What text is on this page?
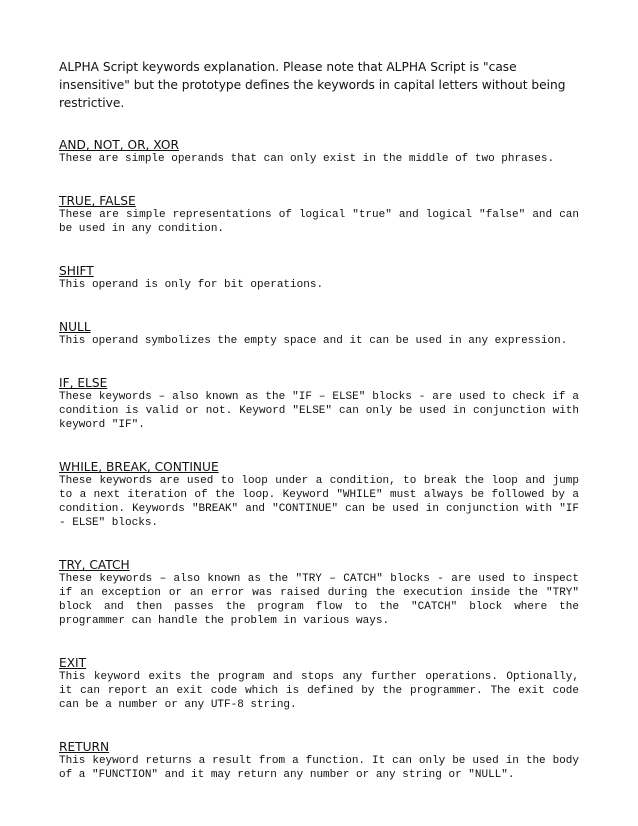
ALPHA Script keywords explanation. Please note that ALPHA Script is "case insensitive" but the prototype defines the keywords in capital letters without being restrictive.

AND, NOT, OR, XOR
These are simple operands that can only exist in the middle of two phrases.
TRUE, FALSE
These are simple representations of logical "true" and logical "false" and can be used in any condition.
SHIFT
This operand is only for bit operations.
NULL
This operand symbolizes the empty space and it can be used in any expression.
IF, ELSE
These keywords – also known as the "IF – ELSE" blocks - are used to check if a condition is valid or not. Keyword "ELSE" can only be used in conjunction with keyword "IF".
WHILE, BREAK, CONTINUE
These keywords are used to loop under a condition, to break the loop and jump to a next iteration of the loop. Keyword "WHILE" must always be followed by a condition. Keywords "BREAK" and "CONTINUE" can be used in conjunction with "IF - ELSE" blocks.
TRY, CATCH
These keywords – also known as the "TRY – CATCH" blocks - are used to inspect if an exception or an error was raised during the execution inside the "TRY" block and then passes the program flow to the "CATCH" block where the programmer can handle the problem in various ways.
EXIT
This keyword exits the program and stops any further operations. Optionally, it can report an exit code which is defined by the programmer. The exit code can be a number or any UTF-8 string.
RETURN
This keyword returns a result from a function. It can only be used in the body of a "FUNCTION" and it may return any number or any string or "NULL".
